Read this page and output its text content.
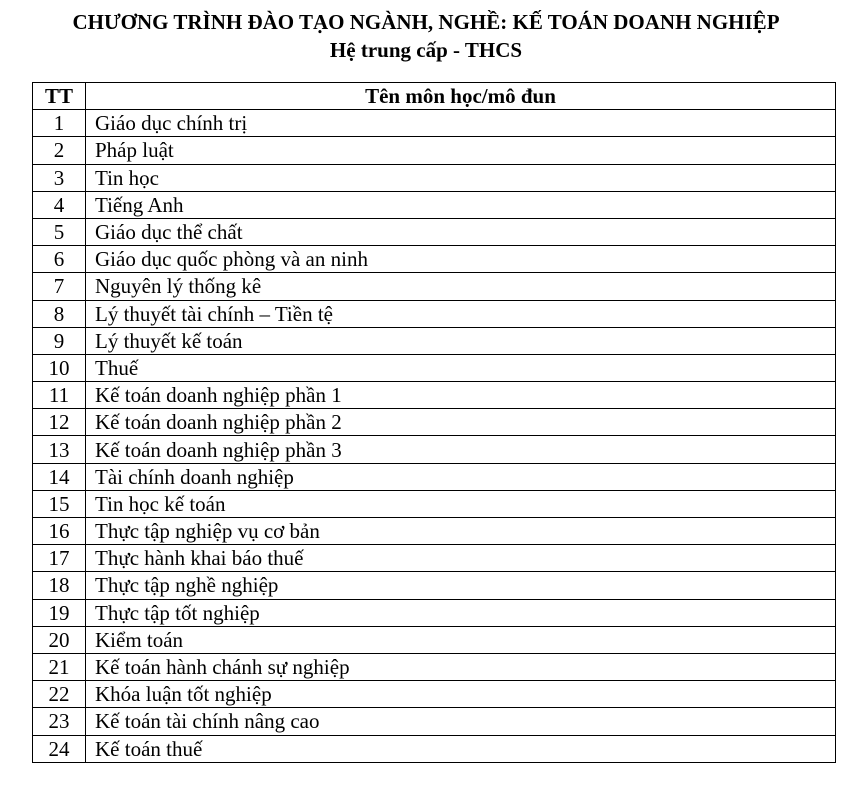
CHƯƠNG TRÌNH ĐÀO TẠO NGÀNH, NGHỀ: KẾ TOÁN DOANH NGHIỆP
Hệ trung cấp - THCS
TT	Tên môn học/mô đun
1	Giáo dục chính trị
2	Pháp luật
3	Tin học
4	Tiếng Anh
5	Giáo dục thể chất
6	Giáo dục quốc phòng và an ninh
7	Nguyên lý thống kê
8	Lý thuyết tài chính – Tiền tệ
9	Lý thuyết kế toán
10	Thuế
11	Kế toán doanh nghiệp phần 1
12	Kế toán doanh nghiệp phần 2
13	Kế toán doanh nghiệp phần 3
14	Tài chính doanh nghiệp
15	Tin học kế toán
16	Thực tập nghiệp vụ cơ bản
17	Thực hành khai báo thuế
18	Thực tập nghề nghiệp
19	Thực tập tốt nghiệp
20	Kiểm toán
21	Kế toán hành chánh sự nghiệp
22	Khóa luận tốt nghiệp
23	Kế toán tài chính nâng cao
24	Kế toán thuế
